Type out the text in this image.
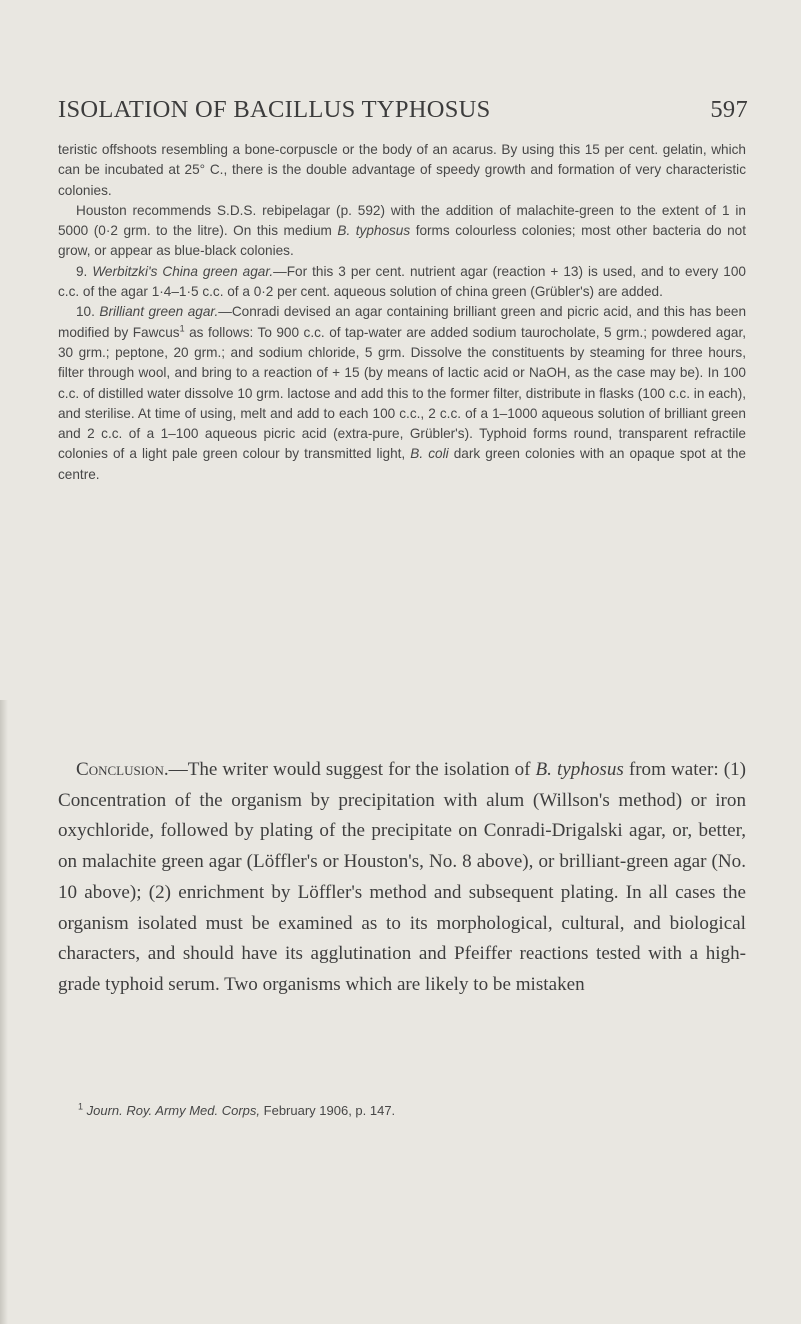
ISOLATION OF BACILLUS TYPHOSUS	597

teristic offshoots resembling a bone-corpuscle or the body of an acarus. By using this 15 per cent. gelatin, which can be incubated at 25° C., there is the double advantage of speedy growth and formation of very characteristic colonies.

Houston recommends S.D.S. rebipelagar (p. 592) with the addition of malachite-green to the extent of 1 in 5000 (0·2 grm. to the litre). On this medium B. typhosus forms colourless colonies; most other bacteria do not grow, or appear as blue-black colonies.

9. Werbitzki's China green agar.—For this 3 per cent. nutrient agar (reaction + 13) is used, and to every 100 c.c. of the agar 1·4–1·5 c.c. of a 0·2 per cent. aqueous solution of china green (Grübler's) are added.

10. Brilliant green agar.—Conradi devised an agar containing brilliant green and picric acid, and this has been modified by Fawcus$^1$ as follows: To 900 c.c. of tap-water are added sodium taurocholate, 5 grm.; powdered agar, 30 grm.; peptone, 20 grm.; and sodium chloride, 5 grm. Dissolve the constituents by steaming for three hours, filter through wool, and bring to a reaction of + 15 (by means of lactic acid or NaOH, as the case may be). In 100 c.c. of distilled water dissolve 10 grm. lactose and add this to the former filter, distribute in flasks (100 c.c. in each), and sterilise. At time of using, melt and add to each 100 c.c., 2 c.c. of a 1–1000 aqueous solution of brilliant green and 2 c.c. of a 1–100 aqueous picric acid (extra-pure, Grübler's). Typhoid forms round, transparent refractile colonies of a light pale green colour by transmitted light, B. coli dark green colonies with an opaque spot at the centre.

Conclusion.—The writer would suggest for the isolation of B. typhosus from water: (1) Concentration of the organism by precipitation with alum (Willson's method) or iron oxychloride, followed by plating of the precipitate on Conradi-Drigalski agar, or, better, on malachite green agar (Löffler's or Houston's, No. 8 above), or brilliant-green agar (No. 10 above); (2) enrichment by Löffler's method and subsequent plating. In all cases the organism isolated must be examined as to its morphological, cultural, and biological characters, and should have its agglutination and Pfeiffer reactions tested with a high-grade typhoid serum. Two organisms which are likely to be mistaken

$^1$ Journ. Roy. Army Med. Corps, February 1906, p. 147.
